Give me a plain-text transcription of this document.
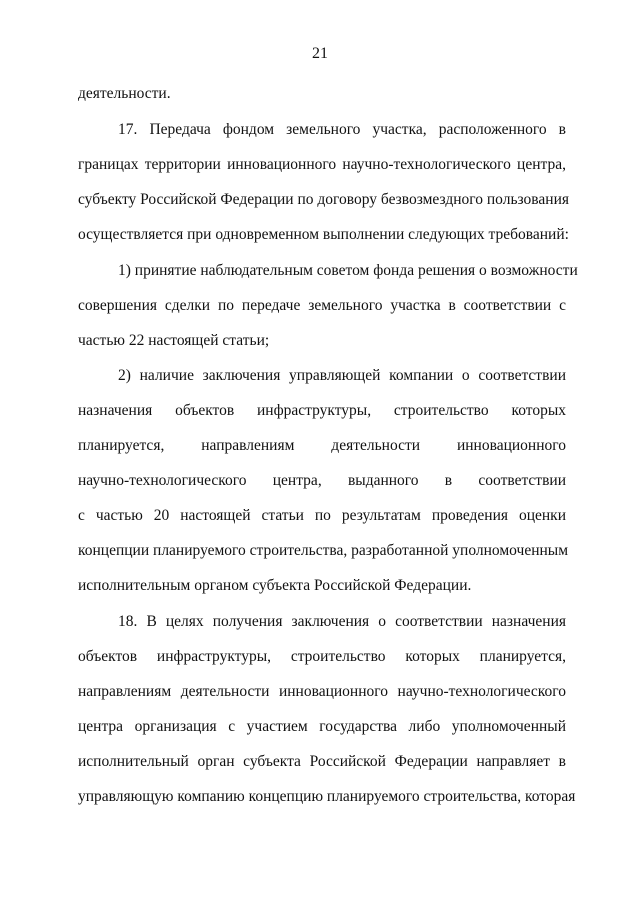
21
деятельности.
17. Передача фондом земельного участка, расположенного в
границах территории инновационного научно-технологического центра,
субъекту Российской Федерации по договору безвозмездного пользования
осуществляется при одновременном выполнении следующих требований:
1) принятие наблюдательным советом фонда решения о возможности
совершения сделки по передаче земельного участка в соответствии с
частью 22 настоящей статьи;
2) наличие заключения управляющей компании о соответствии
назначения объектов инфраструктуры, строительство которых
планируется, направлениям деятельности инновационного
научно-технологического центра, выданного в соответствии
с частью 20 настоящей статьи по результатам проведения оценки
концепции планируемого строительства, разработанной уполномоченным
исполнительным органом субъекта Российской Федерации.
18. В целях получения заключения о соответствии назначения
объектов инфраструктуры, строительство которых планируется,
направлениям деятельности инновационного научно-технологического
центра организация с участием государства либо уполномоченный
исполнительный орган субъекта Российской Федерации направляет в
управляющую компанию концепцию планируемого строительства, которая
